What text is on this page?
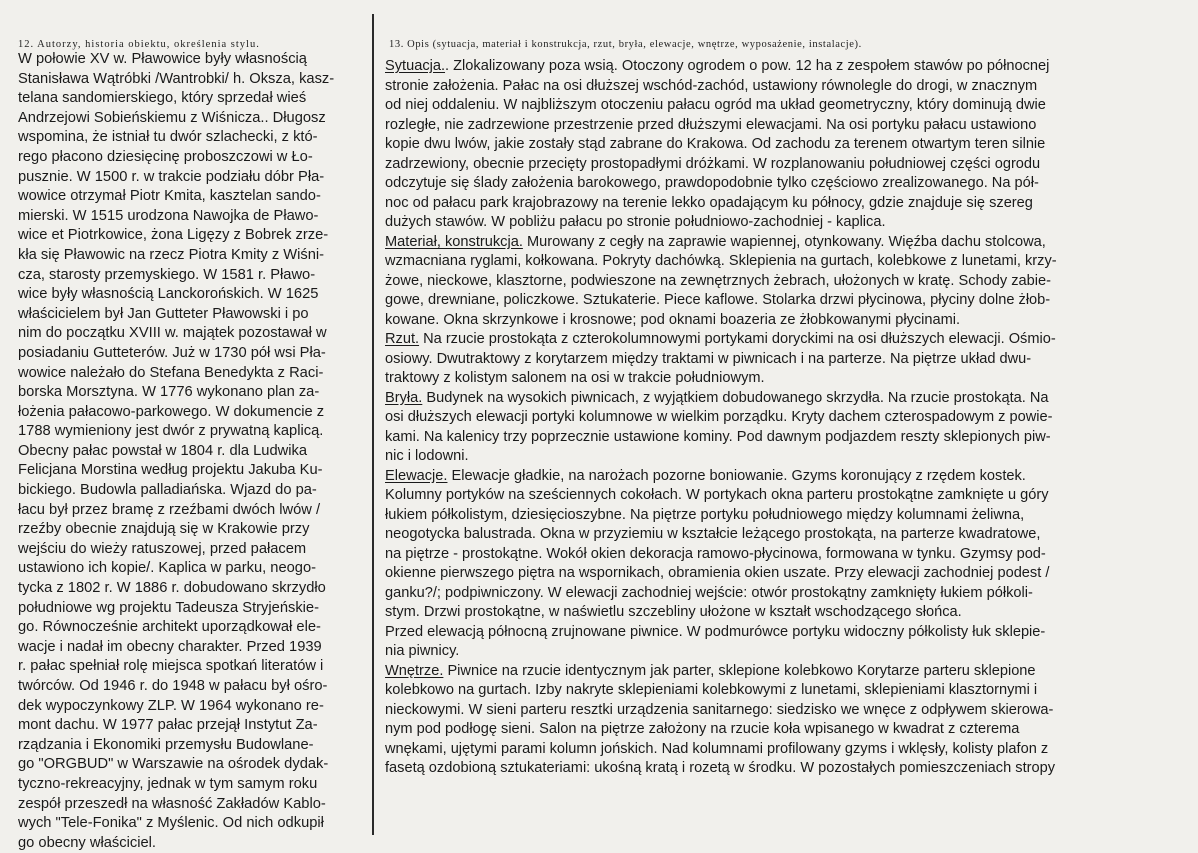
12. Autorzy, historia obiektu, określenia stylu.	13. Opis (sytuacja, materiał i konstrukcja, rzut, bryła, elewacje, wnętrze, wyposażenie, instalacje).
W połowie XV w. Pławowice były własnością
Stanisława Wątróbki /Wantrobki/ h. Oksza, kasz-
telana sandomierskiego, który sprzedał wieś
Andrzejowi Sobieńskiemu z Wiśnicza.. Długosz
wspomina, że istniał tu dwór szlachecki, z któ-
rego płacono dziesięcinę proboszczowi w Ło-
pusznie. W 1500 r. w trakcie podziału dóbr Pła-
wowice otrzymał Piotr Kmita, kasztelan sando-
mierski. W 1515 urodzona Nawojka de Pławo-
wice et Piotrkowice, żona Ligęzy z Bobrek zrze-
kła się Pławowic na rzecz Piotra Kmity z Wiśni-
cza, starosty przemyskiego. W 1581 r. Pławo-
wice były własnością Lanckorońskich. W 1625
właścicielem był Jan Gutteter Pławowski i po
nim do początku XVIII w. majątek pozostawał w
posiadaniu Gutteterów. Już w 1730 pół wsi Pła-
wowice należało do Stefana Benedykta z Raci-
borska Morsztyna. W 1776 wykonano plan za-
łożenia pałacowo-parkowego. W dokumencie z
1788 wymieniony jest dwór z prywatną kaplicą.
Obecny pałac powstał w 1804 r. dla Ludwika
Felicjana Morstina według projektu Jakuba Ku-
bickiego. Budowla palladiańska. Wjazd do pa-
łacu był przez bramę z rzeźbami dwóch lwów /
rzeźby obecnie znajdują się w Krakowie przy
wejściu do wieży ratuszowej, przed pałacem
ustawiono ich kopie/. Kaplica w parku, neogo-
tycka z 1802 r. W 1886 r. dobudowano skrzydło
południowe wg projektu Tadeusza Stryjeńskie-
go. Równocześnie architekt uporządkował ele-
wacje i nadał im obecny charakter. Przed 1939
r. pałac spełniał rolę miejsca spotkań literatów i
twórców. Od 1946 r. do 1948 w pałacu był ośro-
dek wypoczynkowy ZLP. W 1964 wykonano re-
mont dachu. W 1977 pałac przejął Instytut Za-
rządzania i Ekonomiki przemysłu Budowlane-
go "ORGBUD" w Warszawie na ośrodek dydak-
tyczno-rekreacyjny, jednak w tym samym roku
zespół przeszedł na własność Zakładów Kablo-
wych "Tele-Fonika" z Myślenic. Od nich odkupił
go obecny właściciel.
Sytuacja.. Zlokalizowany poza wsią. Otoczony ogrodem o pow. 12 ha z zespołem stawów po północnej
stronie założenia. Pałac na osi dłuższej wschód-zachód, ustawiony równolegle do drogi, w znacznym
od niej oddaleniu. W najbliższym otoczeniu pałacu ogród ma układ geometryczny, który dominują dwie
rozległe, nie zadrzewione przestrzenie przed dłuższymi elewacjami. Na osi portyku pałacu ustawiono
kopie dwu lwów, jakie zostały stąd zabrane do Krakowa. Od zachodu za terenem otwartym teren silnie
zadrzewiony, obecnie przecięty prostopadłymi dróżkami. W rozplanowaniu południowej części ogrodu
odczytuje się ślady założenia barokowego, prawdopodobnie tylko częściowo zrealizowanego. Na pół-
noc od pałacu park krajobrazowy na terenie lekko opadającym ku północy, gdzie znajduje się szereg
dużych stawów. W pobliżu pałacu po stronie południowo-zachodniej - kaplica.
Materiał, konstrukcja. Murowany z cegły na zaprawie wapiennej, otynkowany. Więźba dachu stolcowa,
wzmacniana ryglami, kołkowana. Pokryty dachówką. Sklepienia na gurtach, kolebkowe z lunetami, krzy-
żowe, nieckowe, klasztorne, podwieszone na zewnętrznych żebrach, ułożonych w kratę. Schody zabie-
gowe, drewniane, policzkowe. Sztukaterie. Piece kaflowe. Stolarka drzwi płycinowa, płyciny dolne żłob-
kowane. Okna skrzynkowe i krosnowe; pod oknami boazeria ze żłobkowanymi płycinami.
Rzut. Na rzucie prostokąta z czterokolumnowymi portykami doryckimi na osi dłuższych elewacji. Ośmio-
osiowy. Dwutraktowy z korytarzem między traktami w piwnicach i na parterze. Na piętrze układ dwu-
traktowy z kolistym salonem na osi w trakcie południowym.
Bryła. Budynek na wysokich piwnicach, z wyjątkiem dobudowanego skrzydła. Na rzucie prostokąta. Na
osi dłuższych elewacji portyki kolumnowe w wielkim porządku. Kryty dachem czterospadowym z powie-
kami. Na kalenicy trzy poprzecznie ustawione kominy. Pod dawnym podjazdem reszty sklepionych piw-
nic i lodowni.
Elewacje. Elewacje gładkie, na narożach pozorne boniowanie. Gzyms koronujący z rzędem kostek.
Kolumny portyków na sześciennych cokołach. W portykach okna parteru prostokątne zamknięte u góry
łukiem półkolistym, dziesięcioszybne. Na piętrze portyku południowego między kolumnami żeliwna,
neogotycka balustrada. Okna w przyziemiu w kształcie leżącego prostokąta, na parterze kwadratowe,
na piętrze - prostokątne. Wokół okien dekoracja ramowo-płycinowa, formowana w tynku. Gzymsy pod-
okienne pierwszego piętra na wspornikach, obramienia okien uszate. Przy elewacji zachodniej podest /
ganku?/; podpiwniczony. W elewacji zachodniej wejście: otwór prostokątny zamknięty łukiem półkoli-
stym. Drzwi prostokątne, w naświetlu szczebliny ułożone w kształt wschodzącego słońca.
Przed elewacją północną zrujnowane piwnice. W podmurówce portyku widoczny półkolisty łuk sklepie-
nia piwnicy.
Wnętrze. Piwnice na rzucie identycznym jak parter, sklepione kolebkowo Korytarze parteru sklepione
kolebkowo na gurtach. Izby nakryte sklepieniami kolebkowymi z lunetami, sklepieniami klasztornymi i
nieckowymi. W sieni parteru resztki urządzenia sanitarnego: siedzisko we wnęce z odpływem skierowa-
nym pod podłogę sieni. Salon na piętrze założony na rzucie koła wpisanego w kwadrat z czterema
wnękami, ujętymi parami kolumn jońskich. Nad kolumnami profilowany gzyms i wklęsły, kolisty plafon z
fasetą ozdobioną sztukateriami: ukośną kratą i rozetą w środku. W pozostałych pomieszczeniach stropy
